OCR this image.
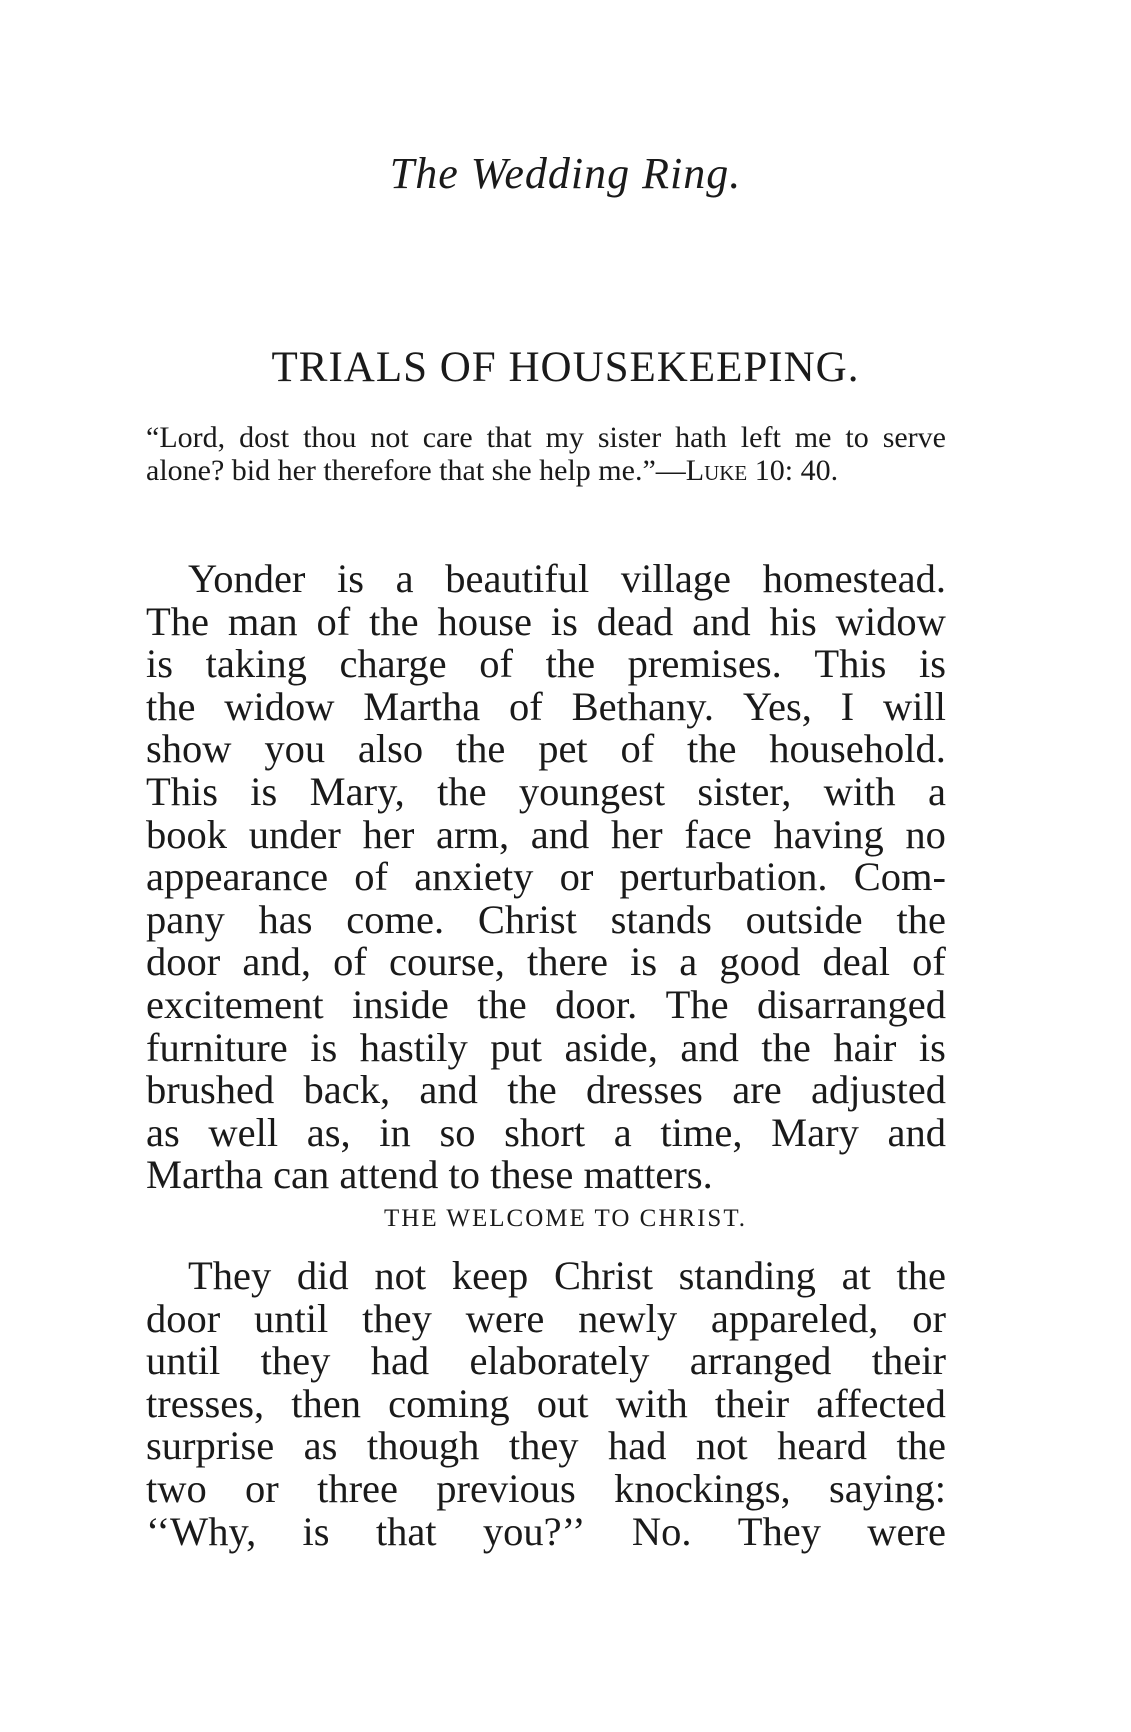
The Wedding Ring.
TRIALS OF HOUSEKEEPING.
“Lord, dost thou not care that my sister hath left me to serve alone? bid her therefore that she help me.”—Luke 10: 40.
Yonder is a beautiful village homestead.
The man of the house is dead and his widow
is taking charge of the premises. This is
the widow Martha of Bethany. Yes, I will
show you also the pet of the household.
This is Mary, the youngest sister, with a
book under her arm, and her face having no
appearance of anxiety or perturbation. Com-
pany has come. Christ stands outside the
door and, of course, there is a good deal of
excitement inside the door. The disarranged
furniture is hastily put aside, and the hair is
brushed back, and the dresses are adjusted
as well as, in so short a time, Mary and
Martha can attend to these matters.
THE WELCOME TO CHRIST.
They did not keep Christ standing at the
door until they were newly appareled, or
until they had elaborately arranged their
tresses, then coming out with their affected
surprise as though they had not heard the
two or three previous knockings, saying:
‘‘Why, is that you?’’ No. They were
